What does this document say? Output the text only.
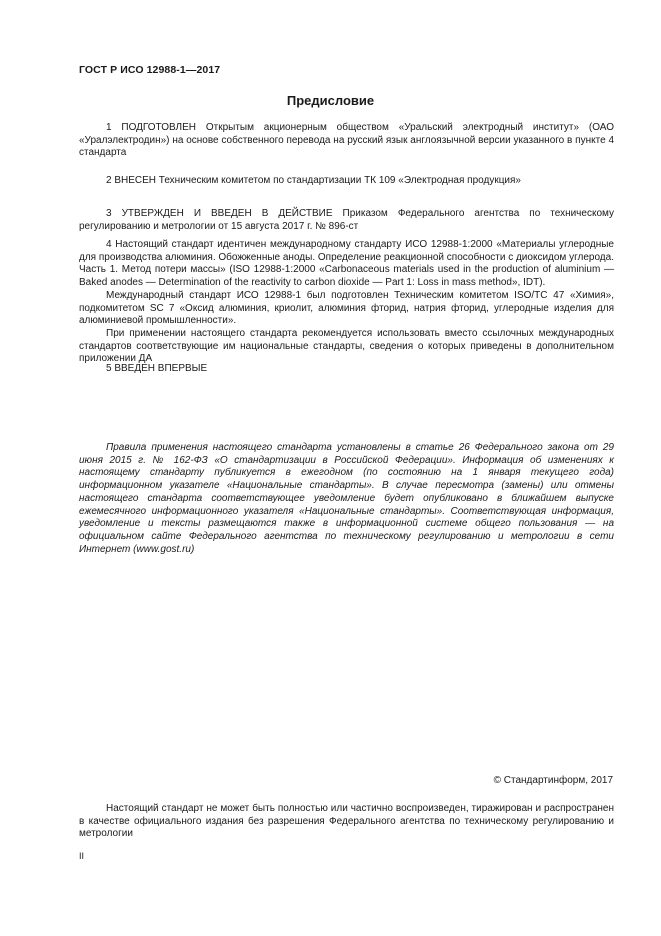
ГОСТ Р ИСО 12988-1—2017
Предисловие

1 ПОДГОТОВЛЕН Открытым акционерным обществом «Уральский электродный институт» (ОАО «Уралэлектродин») на основе собственного перевода на русский язык англоязычной версии указанного в пункте 4 стандарта

2 ВНЕСЕН Техническим комитетом по стандартизации ТК 109 «Электродная продукция»

3 УТВЕРЖДЕН И ВВЕДЕН В ДЕЙСТВИЕ Приказом Федерального агентства по техническому регулированию и метрологии от 15 августа 2017 г. № 896-ст

4 Настоящий стандарт идентичен международному стандарту ИСО 12988-1:2000 «Материалы углеродные для производства алюминия. Обожженные аноды. Определение реакционной способности с диоксидом углерода. Часть 1. Метод потери массы» (ISO 12988-1:2000 «Carbonaceous materials used in the production of aluminium — Baked anodes — Determination of the reactivity to carbon dioxide — Part 1: Loss in mass method», IDT).

Международный стандарт ИСО 12988-1 был подготовлен Техническим комитетом ISO/TC 47 «Химия», подкомитетом SC 7 «Оксид алюминия, криолит, алюминия фторид, натрия фторид, углеродные изделия для алюминиевой промышленности».

При применении настоящего стандарта рекомендуется использовать вместо ссылочных международных стандартов соответствующие им национальные стандарты, сведения о которых приведены в дополнительном приложении ДА

5 ВВЕДЕН ВПЕРВЫЕ

Правила применения настоящего стандарта установлены в статье 26 Федерального закона от 29 июня 2015 г. № 162-ФЗ «О стандартизации в Российской Федерации». Информация об изменениях к настоящему стандарту публикуется в ежегодном (по состоянию на 1 января текущего года) информационном указателе «Национальные стандарты». В случае пересмотра (замены) или отмены настоящего стандарта соответствующее уведомление будет опубликовано в ближайшем выпуске ежемесячного информационного указателя «Национальные стандарты». Соответствующая информация, уведомление и тексты размещаются также в информационной системе общего пользования — на официальном сайте Федерального агентства по техническому регулированию и метрологии в сети Интернет (www.gost.ru)

© Стандартинформ, 2017

Настоящий стандарт не может быть полностью или частично воспроизведен, тиражирован и распространен в качестве официального издания без разрешения Федерального агентства по техническому регулированию и метрологии

II
